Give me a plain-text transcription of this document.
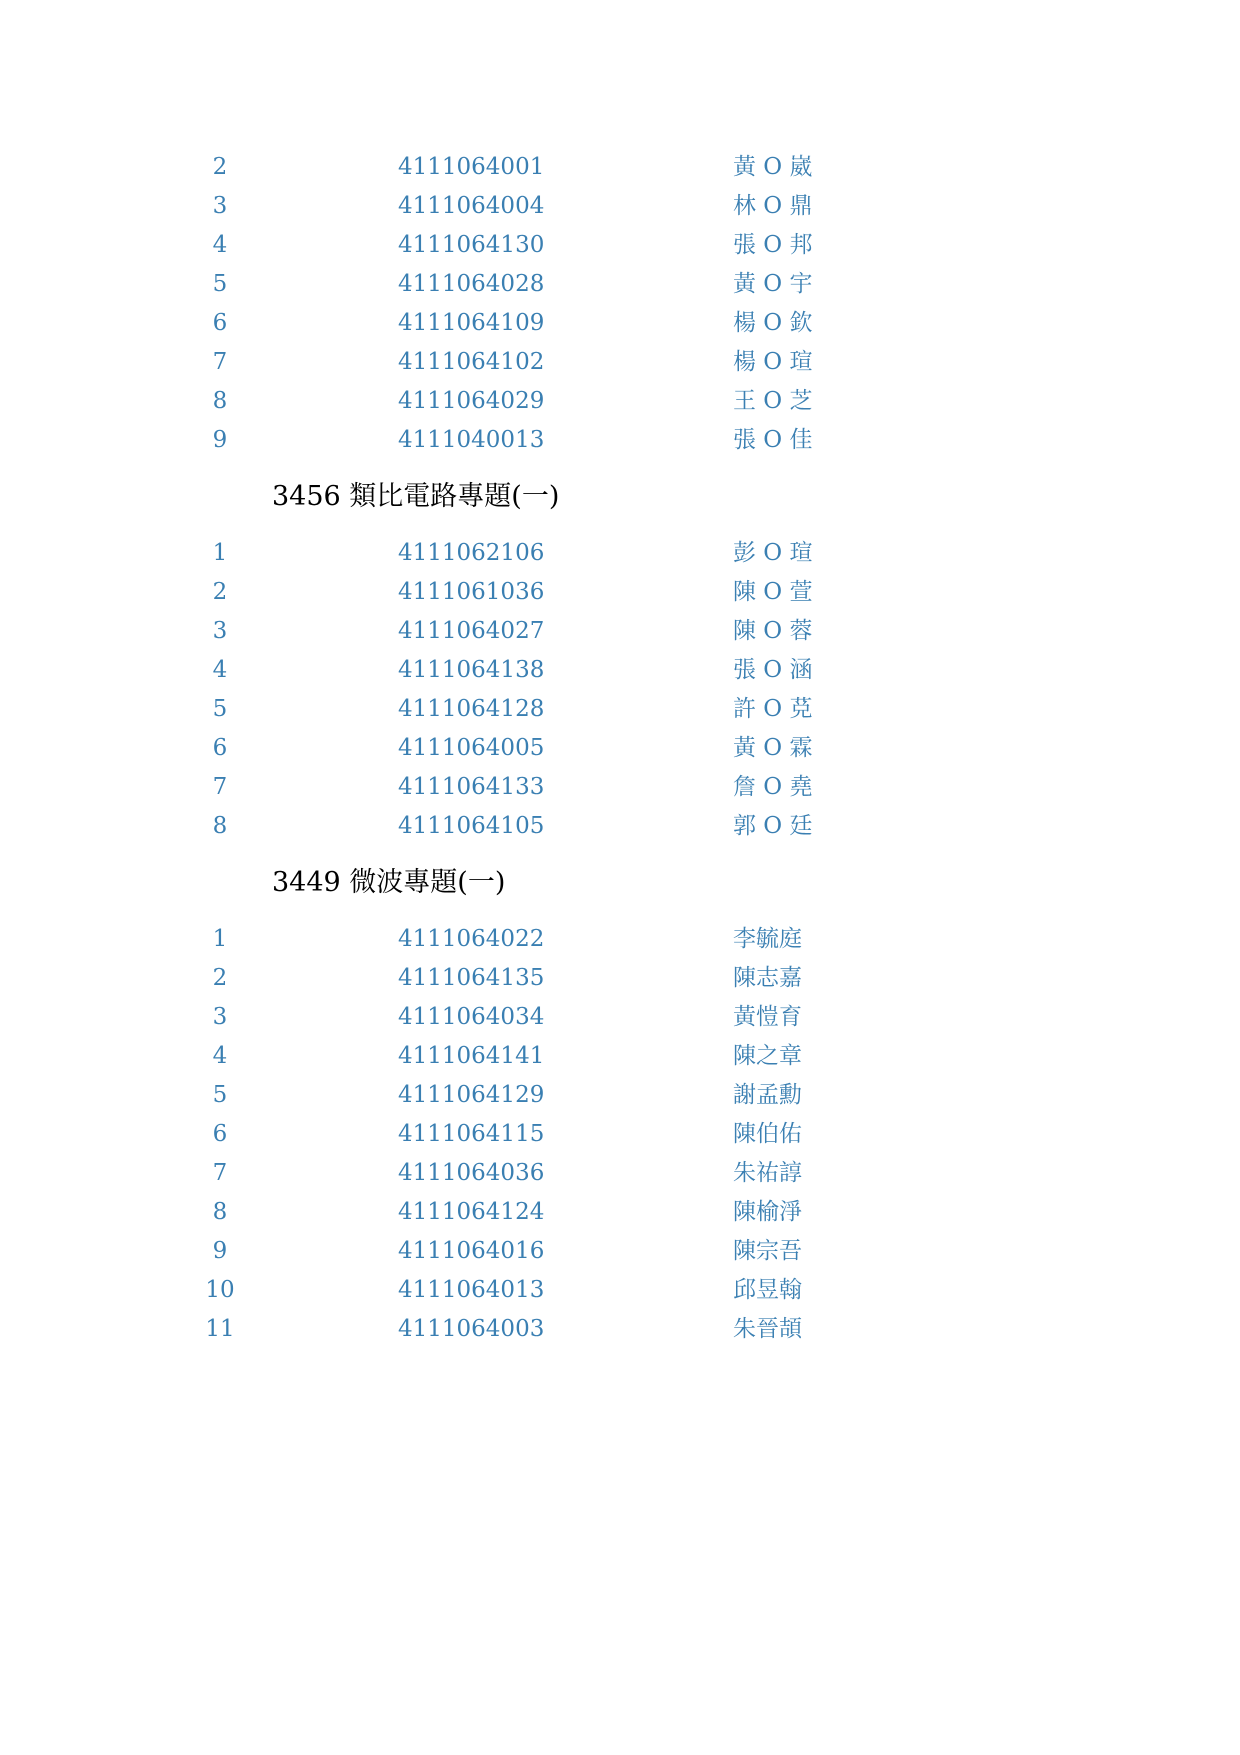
2	4111064001	黃 O 崴
3	4111064004	林 O 鼎
4	4111064130	張 O 邦
5	4111064028	黃 O 宇
6	4111064109	楊 O 欽
7	4111064102	楊 O 瑄
8	4111064029	王 O 芝
9	4111040013	張 O 佳
3456 類比電路專題(一)
1	4111062106	彭 O 瑄
2	4111061036	陳 O 萱
3	4111064027	陳 O 蓉
4	4111064138	張 O 涵
5	4111064128	許 O 莌
6	4111064005	黃 O 霖
7	4111064133	詹 O 堯
8	4111064105	郭 O 廷
3449 微波專題(一)
1	4111064022	李毓庭
2	4111064135	陳志嘉
3	4111064034	黃愷育
4	4111064141	陳之章
5	4111064129	謝孟勳
6	4111064115	陳伯佑
7	4111064036	朱祐諄
8	4111064124	陳榆淨
9	4111064016	陳宗吾
10	4111064013	邱昱翰
11	4111064003	朱晉頡
